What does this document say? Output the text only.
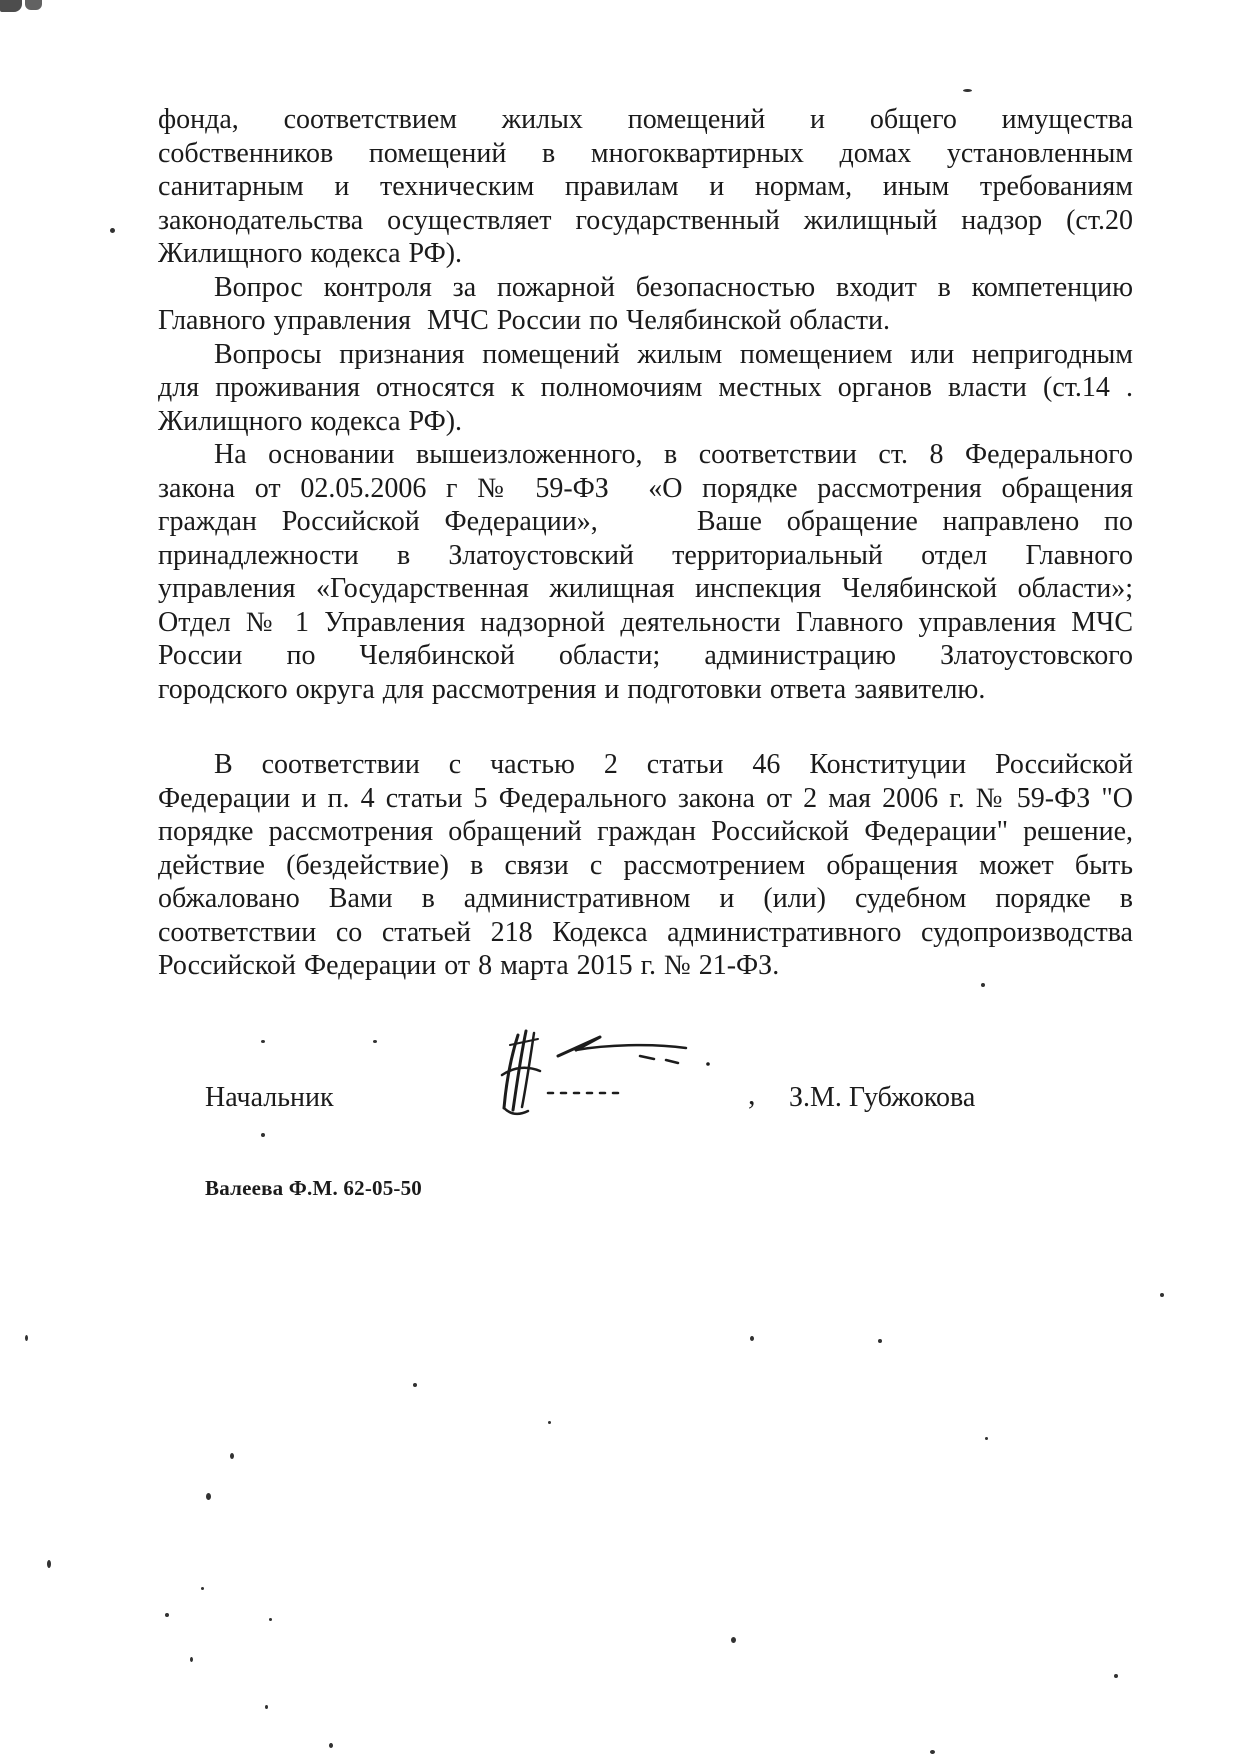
фонда, соответствием жилых помещений и общего имущества
собственников помещений в многоквартирных домах установленным
санитарным и техническим правилам и нормам, иным требованиям
законодательства осуществляет государственный жилищный надзор (ст.20
Жилищного кодекса РФ).
Вопрос контроля за пожарной безопасностью входит в компетенцию
Главного управления  МЧС России по Челябинской области.
Вопросы признания помещений жилым помещением или непригодным
для проживания относятся к полномочиям местных органов власти (ст.14 .
Жилищного кодекса РФ).
На основании вышеизложенного, в соответствии ст. 8 Федерального
закона от 02.05.2006 г № 59-ФЗ  «О порядке рассмотрения обращения
граждан Российской Федерации»,    Ваше обращение направлено по
принадлежности в Златоустовский территориальный отдел Главного
управления «Государственная жилищная инспекция Челябинской области»;
Отдел № 1 Управления надзорной деятельности Главного управления МЧС
России по Челябинской области; администрацию Златоустовского
городского округа для рассмотрения и подготовки ответа заявителю.
В соответствии с частью 2 статьи 46 Конституции Российской
Федерации и п. 4 статьи 5 Федерального закона от 2 мая 2006 г. № 59-ФЗ "О
порядке рассмотрения обращений граждан Российской Федерации" решение,
действие (бездействие) в связи с рассмотрением обращения может быть
обжаловано Вами в административном и (или) судебном порядке в
соответствии со статьей 218 Кодекса административного судопроизводства
Российской Федерации от 8 марта 2015 г. № 21-ФЗ.
Начальник	, З.М. Губжокова
Валеева Ф.М. 62-05-50
